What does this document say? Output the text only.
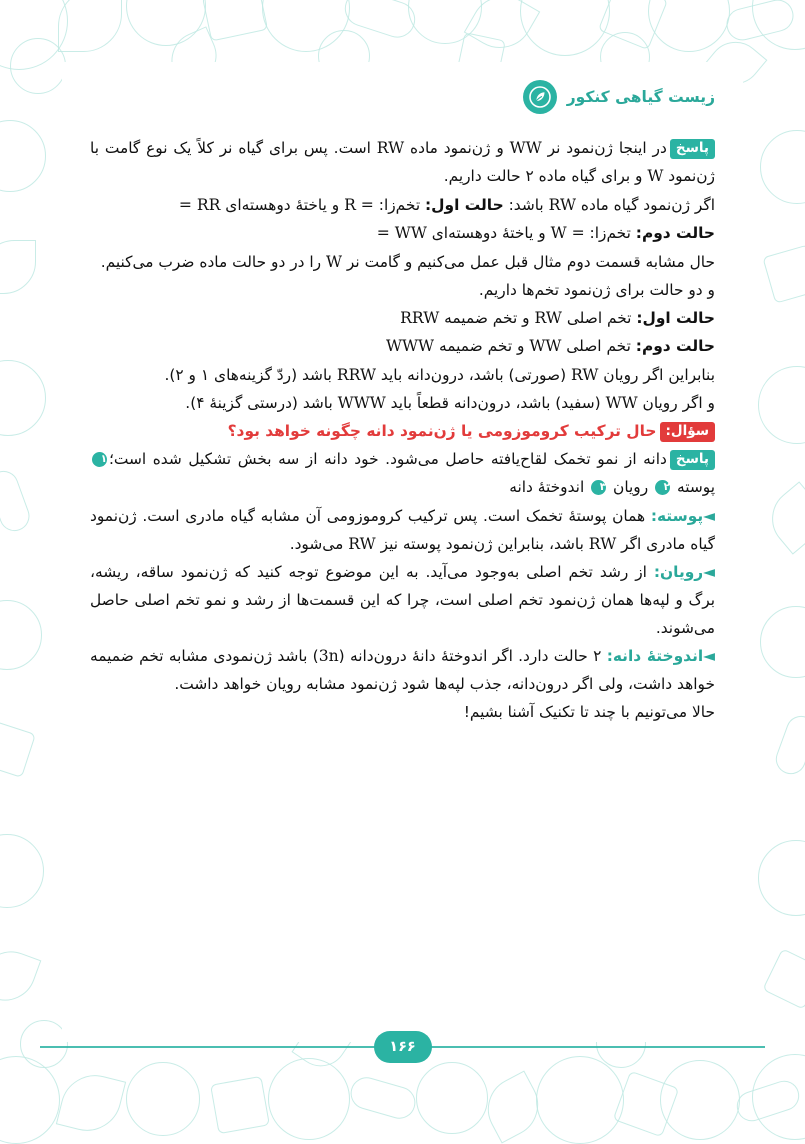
زیست گیاهی کنکور

پاسخدر اینجا ژن‌نمود نر WW و ژن‌نمود ماده RW است. پس برای گیاه نر کلاً یک نوع گامت با ژن‌نمود W و برای گیاه ماده ۲ حالت داریم.

اگر ژن‌نمود گیاه ماده RW باشد: حالت اول: تخم‌زا: R = و یاختهٔ دوهسته‌ای = RR

حالت دوم: تخم‌زا: W = و یاختهٔ دوهسته‌ای = WW

حال مشابه قسمت دوم مثال قبل عمل می‌کنیم و گامت نر W را در دو حالت ماده ضرب می‌کنیم.

و دو حالت برای ژن‌نمود تخم‌ها داریم.

حالت اول: تخم اصلی RW و تخم ضمیمه RRW

حالت دوم: تخم اصلی WW و تخم ضمیمه WWW

بنابراین اگر رویان RW (صورتی) باشد، درون‌دانه باید RRW باشد (ردّ گزینه‌های ۱ و ۲).

و اگر رویان WW (سفید) باشد، درون‌دانه قطعاً باید WWW باشد (درستی گزینهٔ ۴).

سؤال:حال ترکیب کروموزومی یا ژن‌نمود دانه چگونه خواهد بود؟

پاسخدانه از نمو تخمک لقاح‌یافته حاصل می‌شود. خود دانه از سه بخش تشکیل شده است؛۱ پوسته ۲ رویان ۳ اندوختهٔ دانه

◄پوسته: همان پوستهٔ تخمک است. پس ترکیب کروموزومی آن مشابه گیاه مادری است. ژن‌نمود گیاه مادری اگر RW باشد، بنابراین ژن‌نمود پوسته نیز RW می‌شود.

◄رویان: از رشد تخم اصلی به‌وجود می‌آید. به این موضوع توجه کنید که ژن‌نمود ساقه، ریشه، برگ و لپه‌ها همان ژن‌نمود تخم اصلی است، چرا که این قسمت‌ها از رشد و نمو تخم اصلی حاصل می‌شوند.

◄اندوختهٔ دانه: ۲ حالت دارد. اگر اندوختهٔ دانهٔ درون‌دانه (3n) باشد ژن‌نمودی مشابه تخم ضمیمه خواهد داشت، ولی اگر درون‌دانه، جذب لپه‌ها شود ژن‌نمود مشابه رویان خواهد داشت.

حالا می‌تونیم با چند تا تکنیک آشنا بشیم!

۱۶۶
